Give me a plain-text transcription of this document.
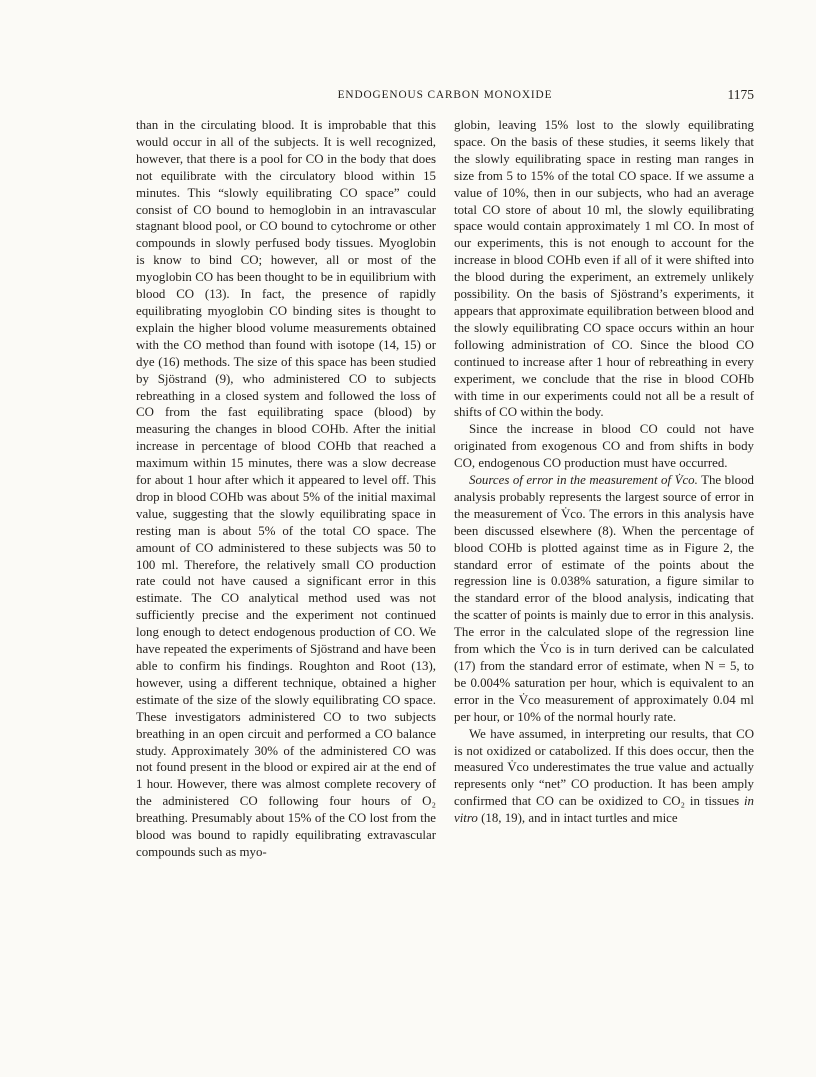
ENDOGENOUS CARBON MONOXIDE	1175

than in the circulating blood. It is improbable that this would occur in all of the subjects. It is well recognized, however, that there is a pool for CO in the body that does not equilibrate with the circulatory blood within 15 minutes. This “slowly equilibrating CO space” could consist of CO bound to hemoglobin in an intravascular stagnant blood pool, or CO bound to cytochrome or other compounds in slowly perfused body tissues. Myoglobin is know to bind CO; however, all or most of the myoglobin CO has been thought to be in equilibrium with blood CO (13). In fact, the presence of rapidly equilibrating myoglobin CO binding sites is thought to explain the higher blood volume measurements obtained with the CO method than found with isotope (14, 15) or dye (16) methods. The size of this space has been studied by Sjöstrand (9), who administered CO to subjects rebreathing in a closed system and followed the loss of CO from the fast equilibrating space (blood) by measuring the changes in blood COHb. After the initial increase in percentage of blood COHb that reached a maximum within 15 minutes, there was a slow decrease for about 1 hour after which it appeared to level off. This drop in blood COHb was about 5% of the initial maximal value, suggesting that the slowly equilibrating space in resting man is about 5% of the total CO space. The amount of CO administered to these subjects was 50 to 100 ml. Therefore, the relatively small CO production rate could not have caused a significant error in this estimate. The CO analytical method used was not sufficiently precise and the experiment not continued long enough to detect endogenous production of CO. We have repeated the experiments of Sjöstrand and have been able to confirm his findings. Roughton and Root (13), however, using a different technique, obtained a higher estimate of the size of the slowly equilibrating CO space. These investigators administered CO to two subjects breathing in an open circuit and performed a CO balance study. Approximately 30% of the administered CO was not found present in the blood or expired air at the end of 1 hour. However, there was almost complete recovery of the administered CO following four hours of O₂ breathing. Presumably about 15% of the CO lost from the blood was bound to rapidly equilibrating extravascular compounds such as myo-

globin, leaving 15% lost to the slowly equilibrating space. On the basis of these studies, it seems likely that the slowly equilibrating space in resting man ranges in size from 5 to 15% of the total CO space. If we assume a value of 10%, then in our subjects, who had an average total CO store of about 10 ml, the slowly equilibrating space would contain approximately 1 ml CO. In most of our experiments, this is not enough to account for the increase in blood COHb even if all of it were shifted into the blood during the experiment, an extremely unlikely possibility. On the basis of Sjöstrand’s experiments, it appears that approximate equilibration between blood and the slowly equilibrating CO space occurs within an hour following administration of CO. Since the blood CO continued to increase after 1 hour of rebreathing in every experiment, we conclude that the rise in blood COHb with time in our experiments could not all be a result of shifts of CO within the body.

Since the increase in blood CO could not have originated from exogenous CO and from shifts in body CO, endogenous CO production must have occurred.

Sources of error in the measurement of V̇co. The blood analysis probably represents the largest source of error in the measurement of V̇co. The errors in this analysis have been discussed elsewhere (8). When the percentage of blood COHb is plotted against time as in Figure 2, the standard error of estimate of the points about the regression line is 0.038% saturation, a figure similar to the standard error of the blood analysis, indicating that the scatter of points is mainly due to error in this analysis. The error in the calculated slope of the regression line from which the V̇co is in turn derived can be calculated (17) from the standard error of estimate, when N = 5, to be 0.004% saturation per hour, which is equivalent to an error in the V̇co measurement of approximately 0.04 ml per hour, or 10% of the normal hourly rate.

We have assumed, in interpreting our results, that CO is not oxidized or catabolized. If this does occur, then the measured V̇co underestimates the true value and actually represents only “net” CO production. It has been amply confirmed that CO can be oxidized to CO₂ in tissues in vitro (18, 19), and in intact turtles and mice
